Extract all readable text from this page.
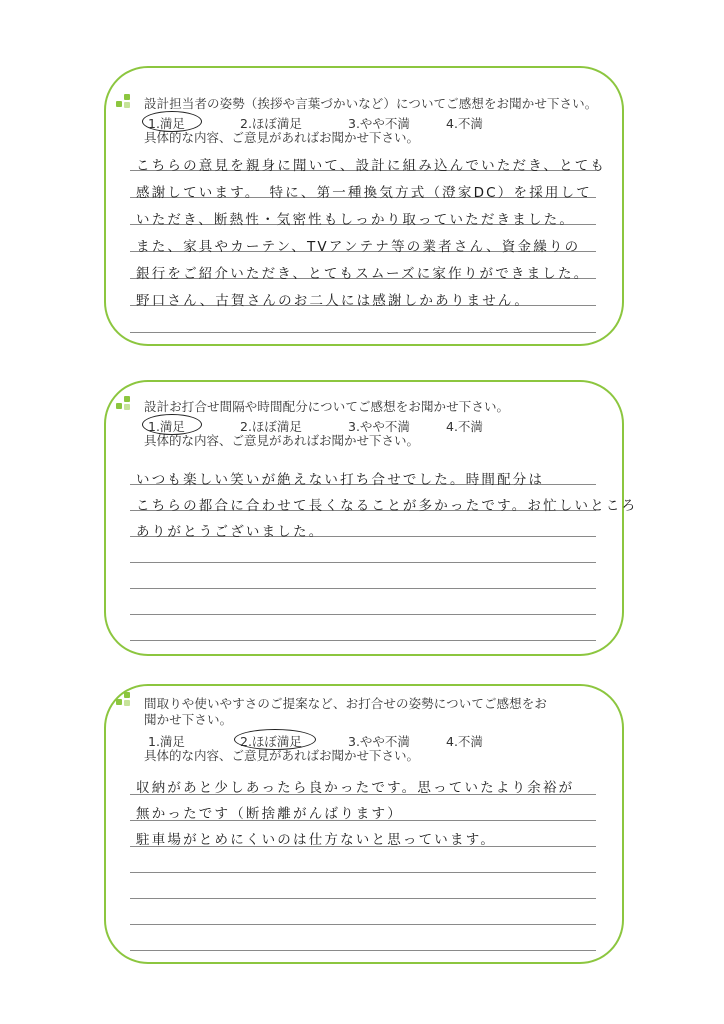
設計担当者の姿勢（挨拶や言葉づかいなど）についてご感想をお聞かせ下さい。
1.満足	2.ほぼ満足	3.やや不満	4.不満
具体的な内容、ご意見があればお聞かせ下さい。
こちらの意見を親身に聞いて、設計に組み込んでいただき、とても
感謝しています。　特に、第一種換気方式（澄家DC）を採用して
いただき、断熱性・気密性もしっかり取っていただきました。
また、家具やカーテン、TVアンテナ等の業者さん、資金繰りの
銀行をご紹介いただき、とてもスムーズに家作りができました。
野口さん、古賀さんのお二人には感謝しかありません。
設計お打合せ間隔や時間配分についてご感想をお聞かせ下さい。
1.満足	2.ほぼ満足	3.やや不満	4.不満
具体的な内容、ご意見があればお聞かせ下さい。
いつも楽しい笑いが絶えない打ち合せでした。時間配分は
こちらの都合に合わせて長くなることが多かったです。お忙しいところ
ありがとうございました。
間取りや使いやすさのご提案など、お打合せの姿勢についてご感想をお
聞かせ下さい。
1.満足	2.ほぼ満足	3.やや不満	4.不満
具体的な内容、ご意見があればお聞かせ下さい。
収納があと少しあったら良かったです。思っていたより余裕が
無かったです（断捨離がんばります）
駐車場がとめにくいのは仕方ないと思っています。
